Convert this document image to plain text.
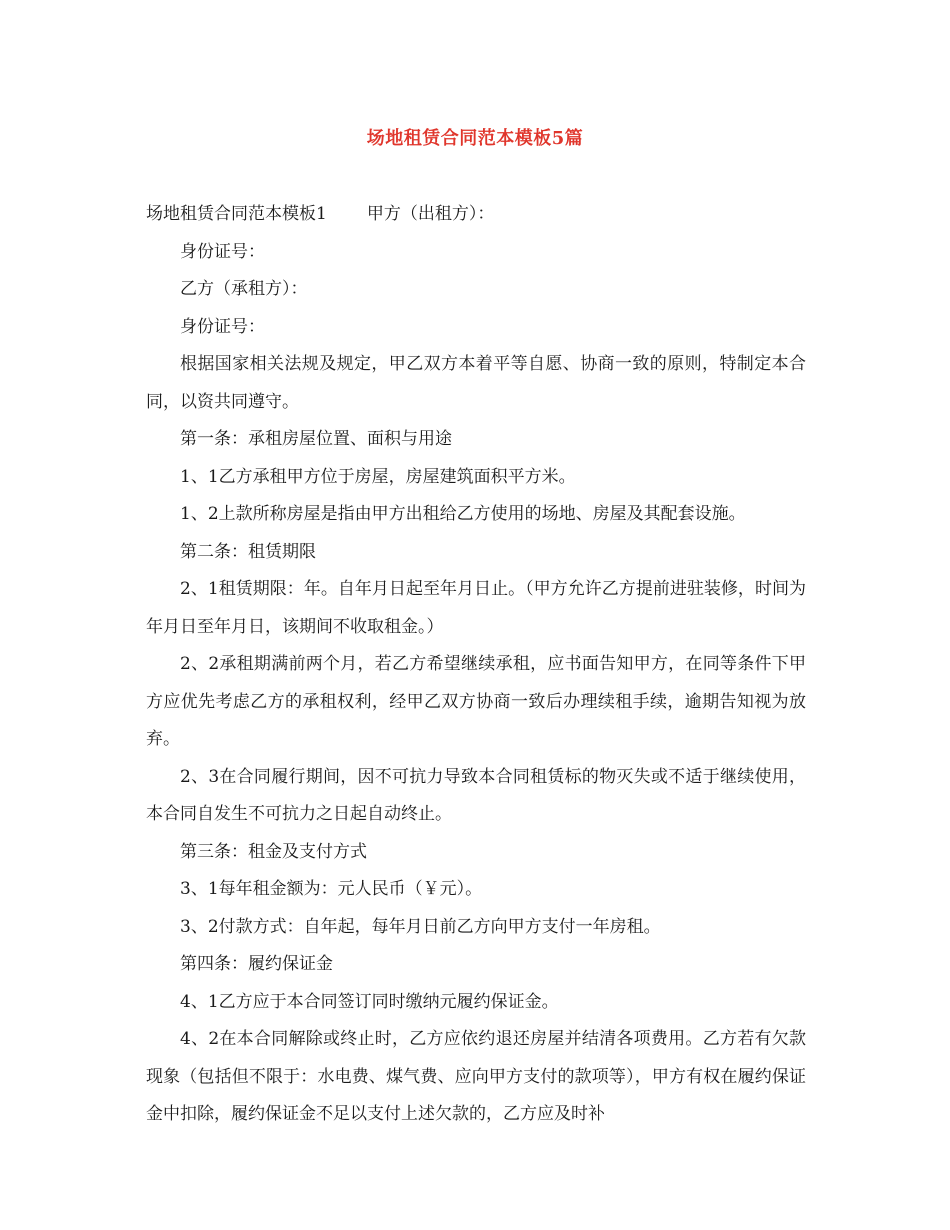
场地租赁合同范本模板5篇

场地租赁合同范本模板1 甲方（出租方）：

身份证号：

乙方（承租方）：

身份证号：

根据国家相关法规及规定，甲乙双方本着平等自愿、协商一致的原则，特制定本合同，以资共同遵守。

第一条：承租房屋位置、面积与用途

1、1乙方承租甲方位于房屋，房屋建筑面积平方米。

1、2上款所称房屋是指由甲方出租给乙方使用的场地、房屋及其配套设施。

第二条：租赁期限

2、1租赁期限：年。自年月日起至年月日止。（甲方允许乙方提前进驻装修，时间为年月日至年月日，该期间不收取租金。）

2、2承租期满前两个月，若乙方希望继续承租，应书面告知甲方，在同等条件下甲方应优先考虑乙方的承租权利，经甲乙双方协商一致后办理续租手续，逾期告知视为放弃。

2、3在合同履行期间，因不可抗力导致本合同租赁标的物灭失或不适于继续使用，本合同自发生不可抗力之日起自动终止。

第三条：租金及支付方式

3、1每年租金额为：元人民币（￥元）。

3、2付款方式：自年起，每年月日前乙方向甲方支付一年房租。

第四条：履约保证金

4、1乙方应于本合同签订同时缴纳元履约保证金。

4、2在本合同解除或终止时，乙方应依约退还房屋并结清各项费用。乙方若有欠款现象（包括但不限于：水电费、煤气费、应向甲方支付的款项等），甲方有权在履约保证金中扣除，履约保证金不足以支付上述欠款的，乙方应及时补
